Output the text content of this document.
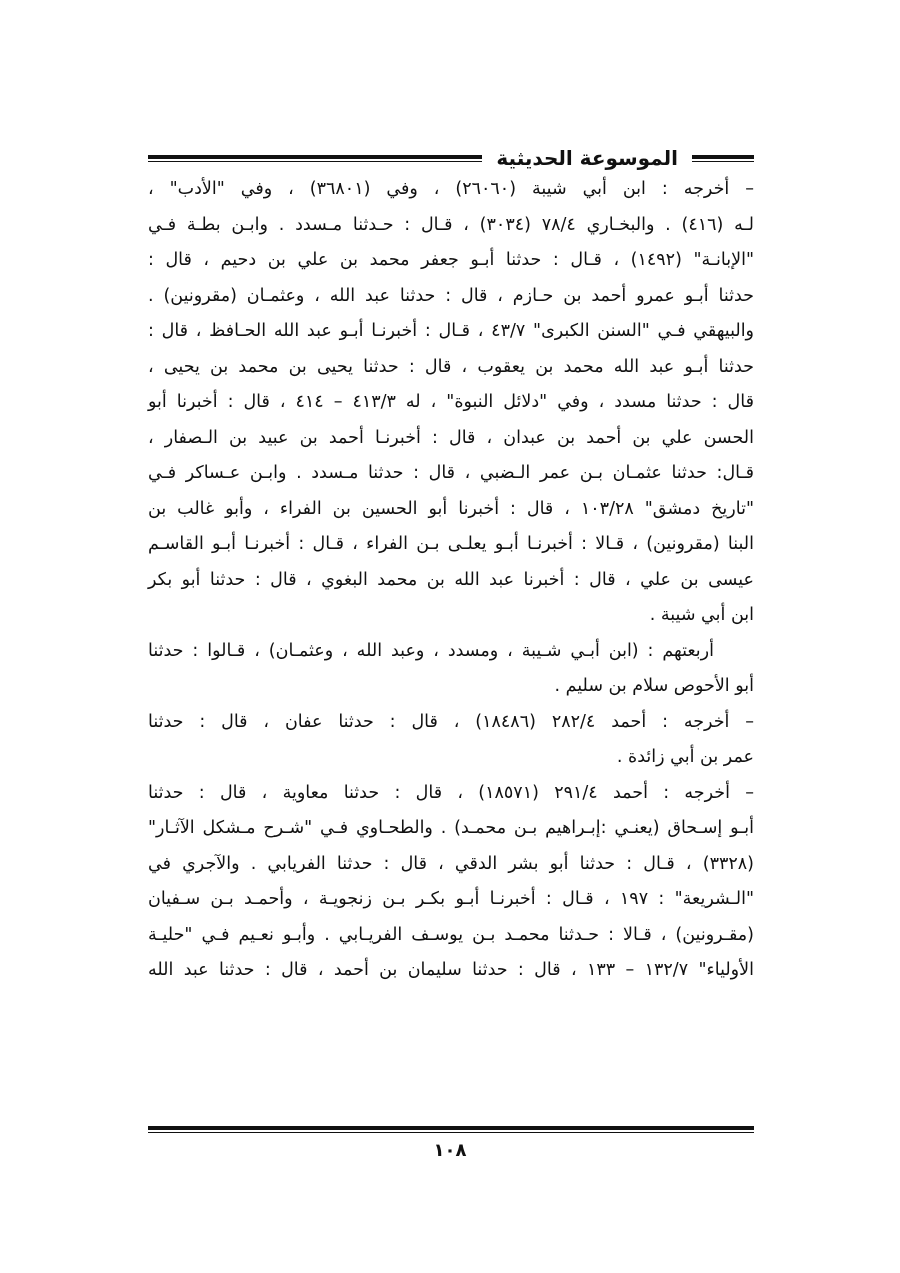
الموسوعة الحديثية
– أخرجه : ابن أبي شيبة (٢٦٠٦٠) ، وفي (٣٦٨٠١) ، وفي "الأدب" ،
لـه (٤١٦) . والبخـاري ٧٨/٤ (٣٠٣٤) ، قـال : حـدثنا مـسدد . وابـن بطـة فـي
"الإبانـة" (١٤٩٢) ، قـال : حدثنا أبـو جعفر محمد بن علي بن دحيم ، قال :
حدثنا أبـو عمرو أحمد بن حـازم ، قال : حدثنا عبد الله ، وعثمـان (مقرونين) .
والبيهقي فـي "السنن الكبرى" ٤٣/٧ ، قـال : أخبرنـا أبـو عبد الله الحـافظ ، قال :
حدثنا أبـو عبد الله محمد بن يعقوب ، قال : حدثنا يحيى بن محمد بن يحيى ،
قال : حدثنا مسدد ، وفي "دلائل النبوة" ، له ٤١٣/٣ – ٤١٤ ، قال : أخبرنا أبو
الحسن علي بن أحمد بن عبدان ، قال : أخبرنـا أحمد بن عبيد بن الـصفار ،
قـال: حدثنا عثمـان بـن عمر الـضبي ، قال : حدثنا مـسدد . وابـن عـساكر فـي
"تاريخ دمشق" ١٠٣/٢٨ ، قال : أخبرنا أبو الحسين بن الفراء ، وأبو غالب بن
البنا (مقرونين) ، قـالا : أخبرنـا أبـو يعلـى بـن الفراء ، قـال : أخبرنـا أبـو القاسـم
عيسى بن علي ، قال : أخبرنا عبد الله بن محمد البغوي ، قال : حدثنا أبو بكر
ابن أبي شيبة .
أربعتهم : (ابن أبـي شـيبة ، ومسدد ، وعبد الله ، وعثمـان) ، قـالوا : حدثنا
أبو الأحوص سلام بن سليم .
– أخرجه : أحمد ٢٨٢/٤ (١٨٤٨٦) ، قال : حدثنا عفان ، قال : حدثنا
عمر بن أبي زائدة .
– أخرجه : أحمد ٢٩١/٤ (١٨٥٧١) ، قال : حدثنا معاوية ، قال : حدثنا
أبـو إسـحاق (يعنـي :إبـراهيم بـن محمـد) . والطحـاوي فـي "شـرح مـشكل الآثـار"
(٣٣٢٨) ، قـال : حدثنا أبو بشر الدقي ، قال : حدثنا الفريابي . والآجري في
"الـشريعة" : ١٩٧ ، قـال : أخبرنـا أبـو بكـر بـن زنجويـة ، وأحمـد بـن سـفيان
(مقـرونين) ، قـالا : حـدثنا محمـد بـن يوسـف الفريـابي . وأبـو نعـيم فـي "حليـة
الأولياء" ١٣٢/٧ – ١٣٣ ، قال : حدثنا سليمان بن أحمد ، قال : حدثنا عبد الله
١٠٨
